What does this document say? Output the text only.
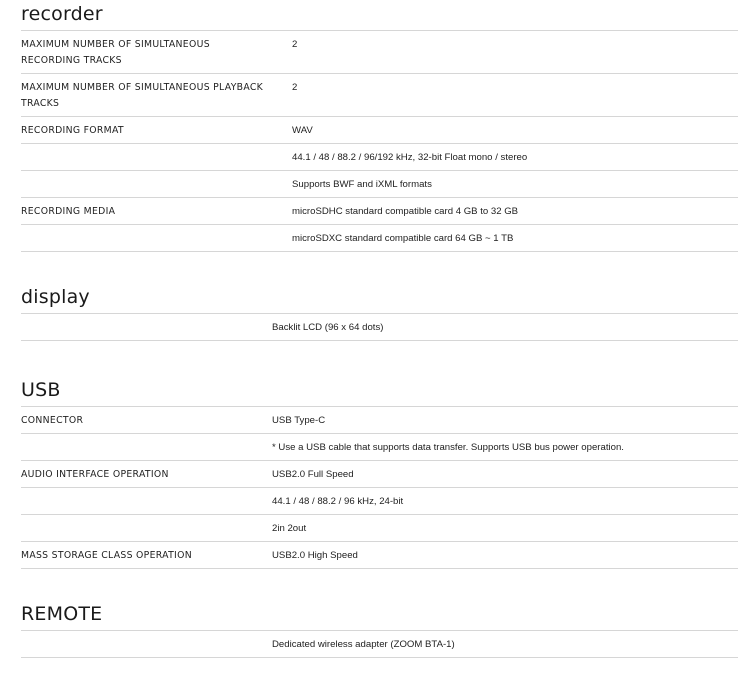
recorder
MAXIMUM NUMBER OF SIMULTANEOUS RECORDING TRACKS	2
MAXIMUM NUMBER OF SIMULTANEOUS PLAYBACK TRACKS	2
RECORDING FORMAT	WAV
	44.1 / 48 / 88.2 / 96/192 kHz, 32-bit Float mono / stereo
	Supports BWF and iXML formats
RECORDING MEDIA	microSDHC standard compatible card 4 GB to 32 GB
	microSDXC standard compatible card 64 GB ~ 1 TB
display
	Backlit LCD (96 x 64 dots)
USB
CONNECTOR	USB Type-C
	* Use a USB cable that supports data transfer. Supports USB bus power operation.
AUDIO INTERFACE OPERATION	USB2.0 Full Speed
	44.1 / 48 / 88.2 / 96 kHz, 24-bit
	2in 2out
MASS STORAGE CLASS OPERATION	USB2.0 High Speed
REMOTE
	Dedicated wireless adapter (ZOOM BTA-1)
